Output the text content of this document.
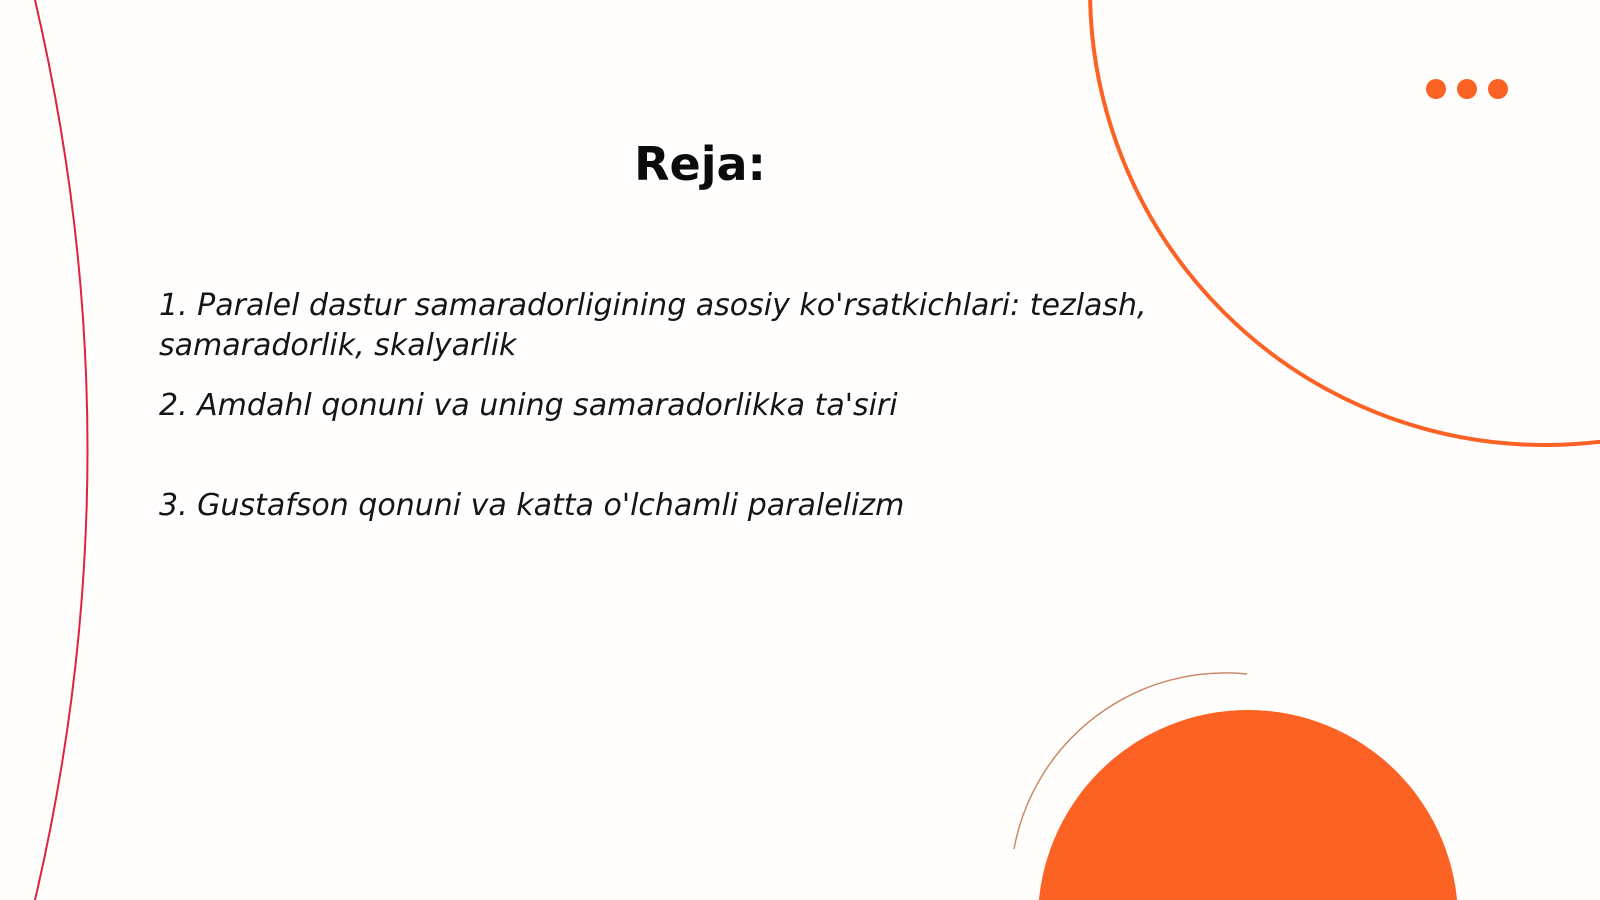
Reja:

1. Paralel dastur samaradorligining asosiy ko'rsatkichlari: tezlash, samaradorlik, skalyarlik

2. Amdahl qonuni va uning samaradorlikka ta'siri

3. Gustafson qonuni va katta o'lchamli paralelizm
